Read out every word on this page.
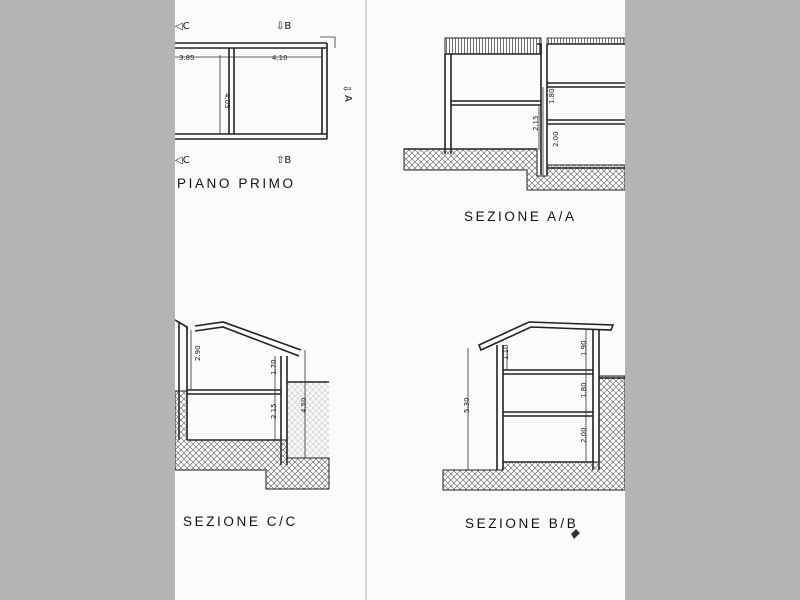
3.85	4.10
4.05
◁C	⇩B
◁C	⇧B
⇦
A
PIANO PRIMO
1.80
2.15
2.00
SEZIONE A/A
2.90
1.70
2.15	4.50
SEZIONE C/C
1.10	1.90
1.80
2.00
5.30
SEZIONE B/B
